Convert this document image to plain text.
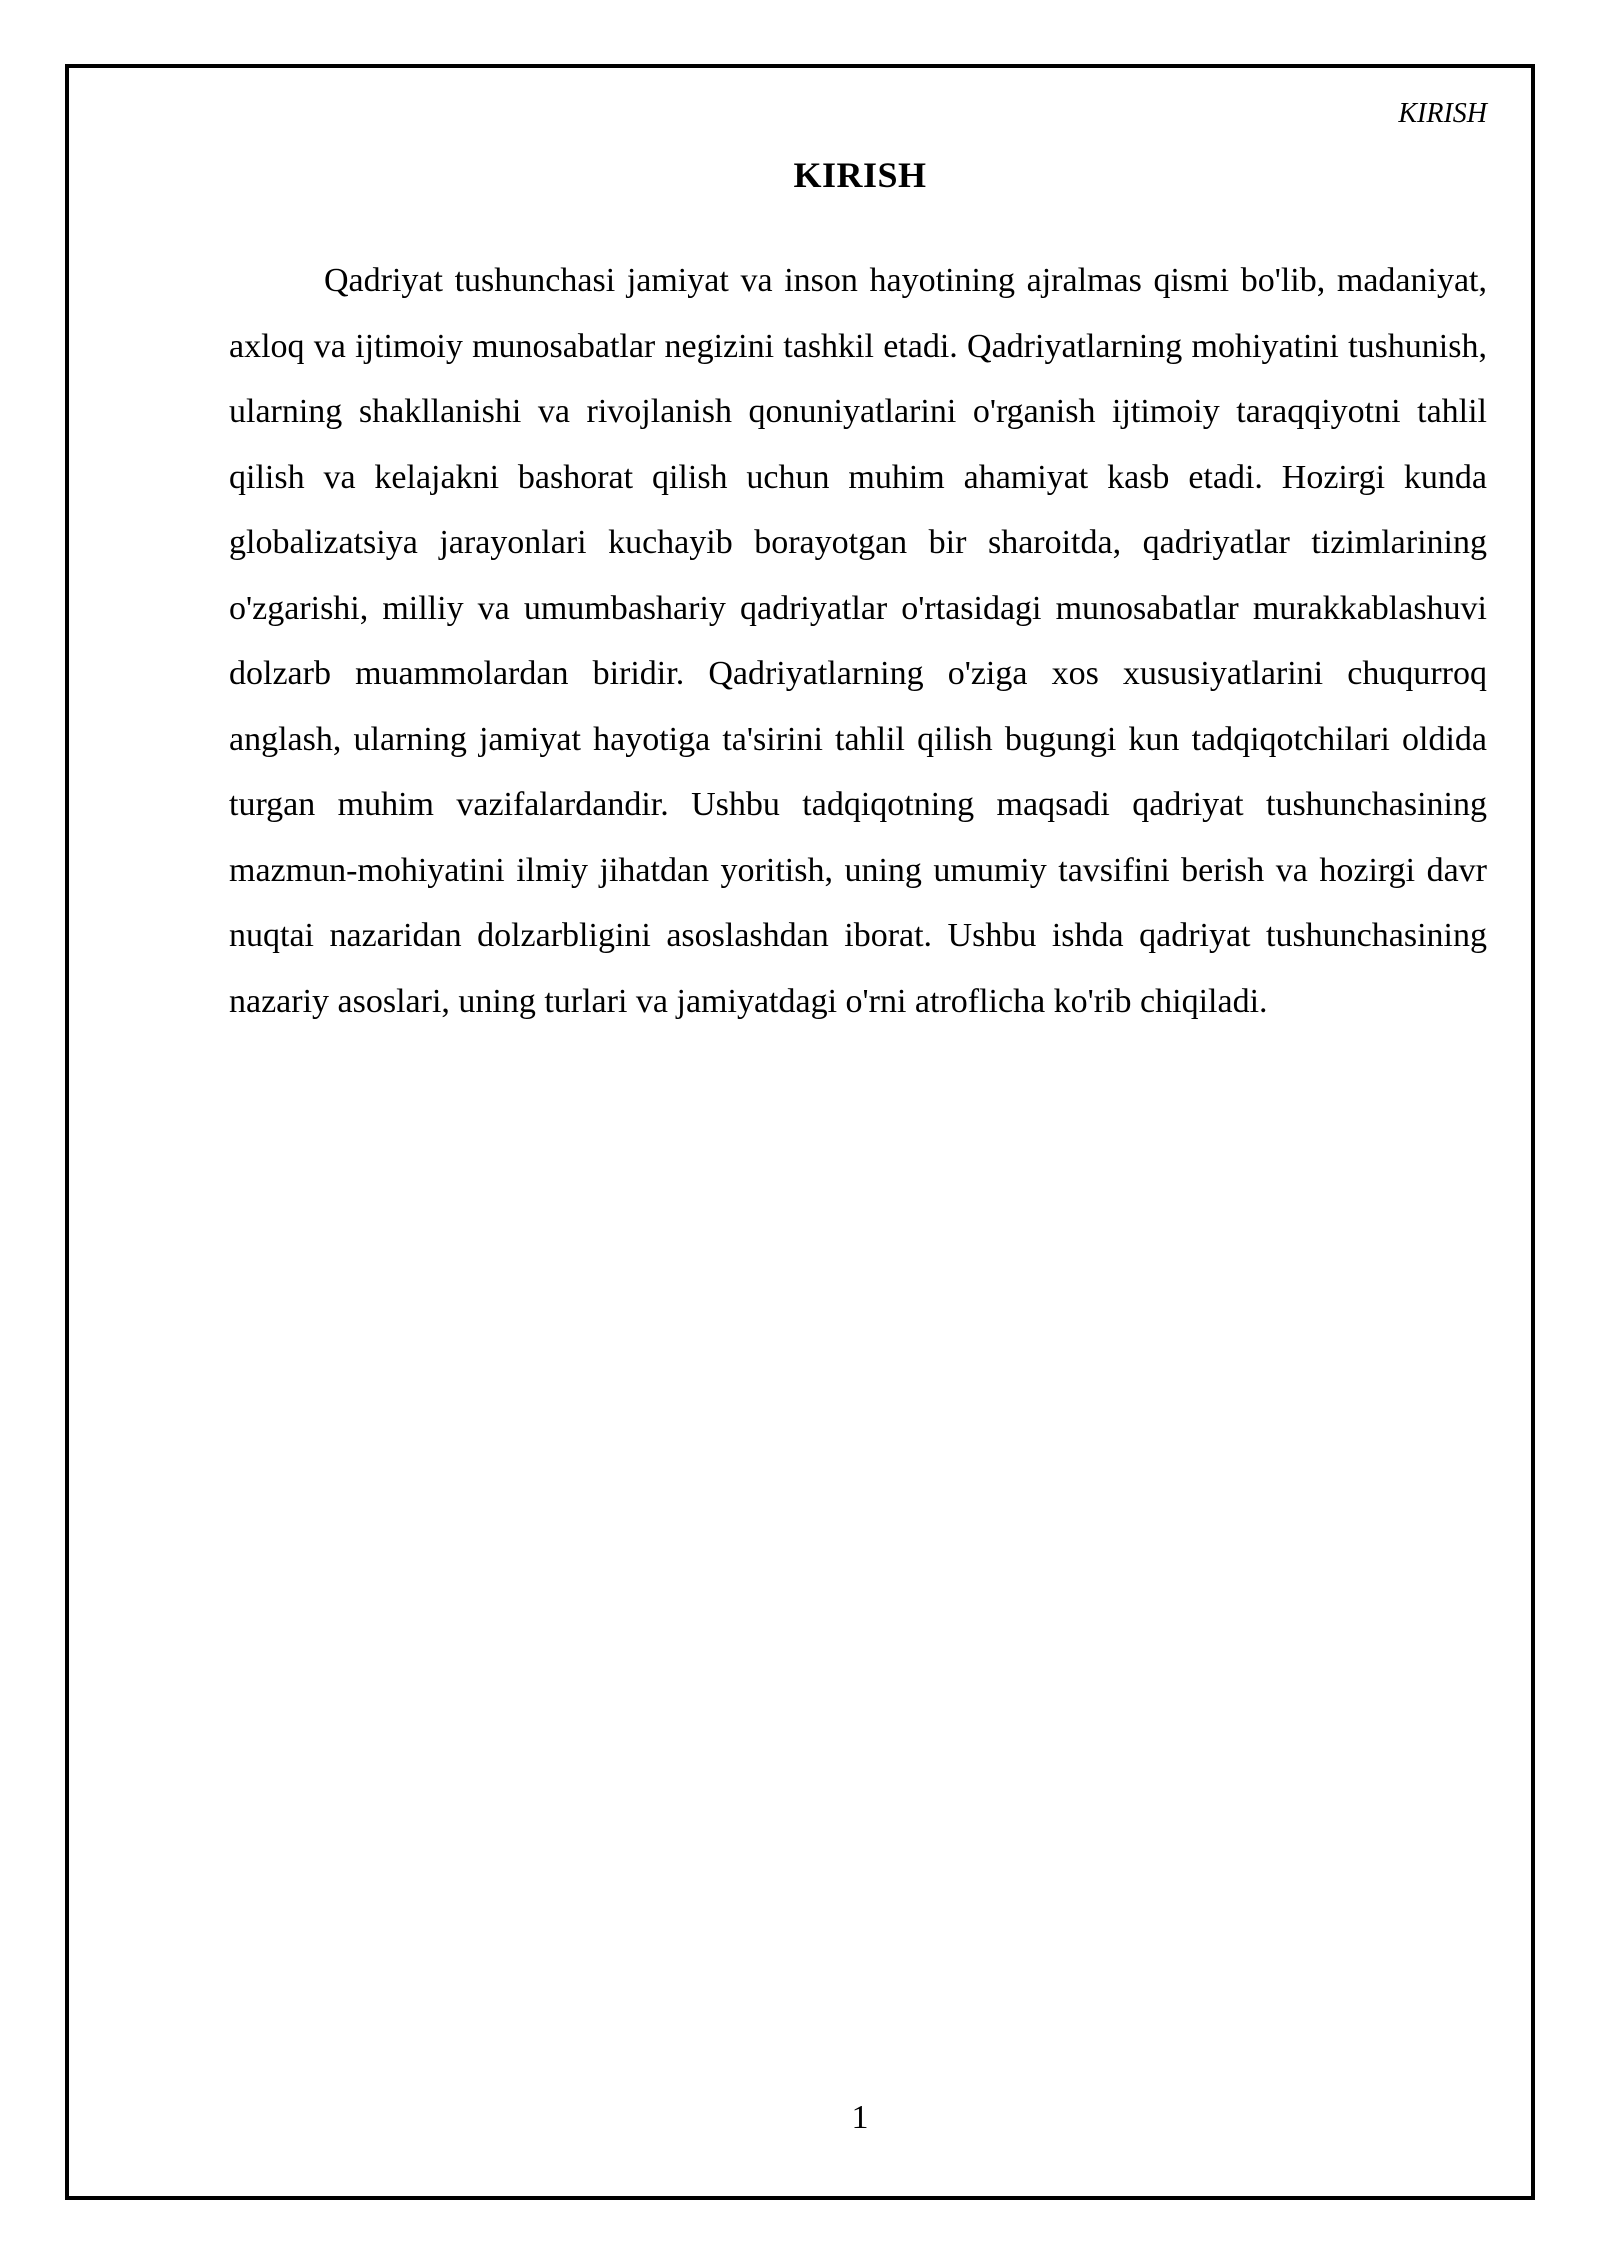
KIRISH
KIRISH

Qadriyat tushunchasi jamiyat va inson hayotining ajralmas qismi bo'lib, madaniyat, axloq va ijtimoiy munosabatlar negizini tashkil etadi. Qadriyatlarning mohiyatini tushunish, ularning shakllanishi va rivojlanish qonuniyatlarini o'rganish ijtimoiy taraqqiyotni tahlil qilish va kelajakni bashorat qilish uchun muhim ahamiyat kasb etadi. Hozirgi kunda globalizatsiya jarayonlari kuchayib borayotgan bir sharoitda, qadriyatlar tizimlarining o'zgarishi, milliy va umumbashariy qadriyatlar o'rtasidagi munosabatlar murakkablashuvi dolzarb muammolardan biridir. Qadriyatlarning o'ziga xos xususiyatlarini chuqurroq anglash, ularning jamiyat hayotiga ta'sirini tahlil qilish bugungi kun tadqiqotchilari oldida turgan muhim vazifalardandir. Ushbu tadqiqotning maqsadi qadriyat tushunchasining mazmun-mohiyatini ilmiy jihatdan yoritish, uning umumiy tavsifini berish va hozirgi davr nuqtai nazaridan dolzarbligini asoslashdan iborat. Ushbu ishda qadriyat tushunchasining nazariy asoslari, uning turlari va jamiyatdagi o'rni atroflicha ko'rib chiqiladi.

1
